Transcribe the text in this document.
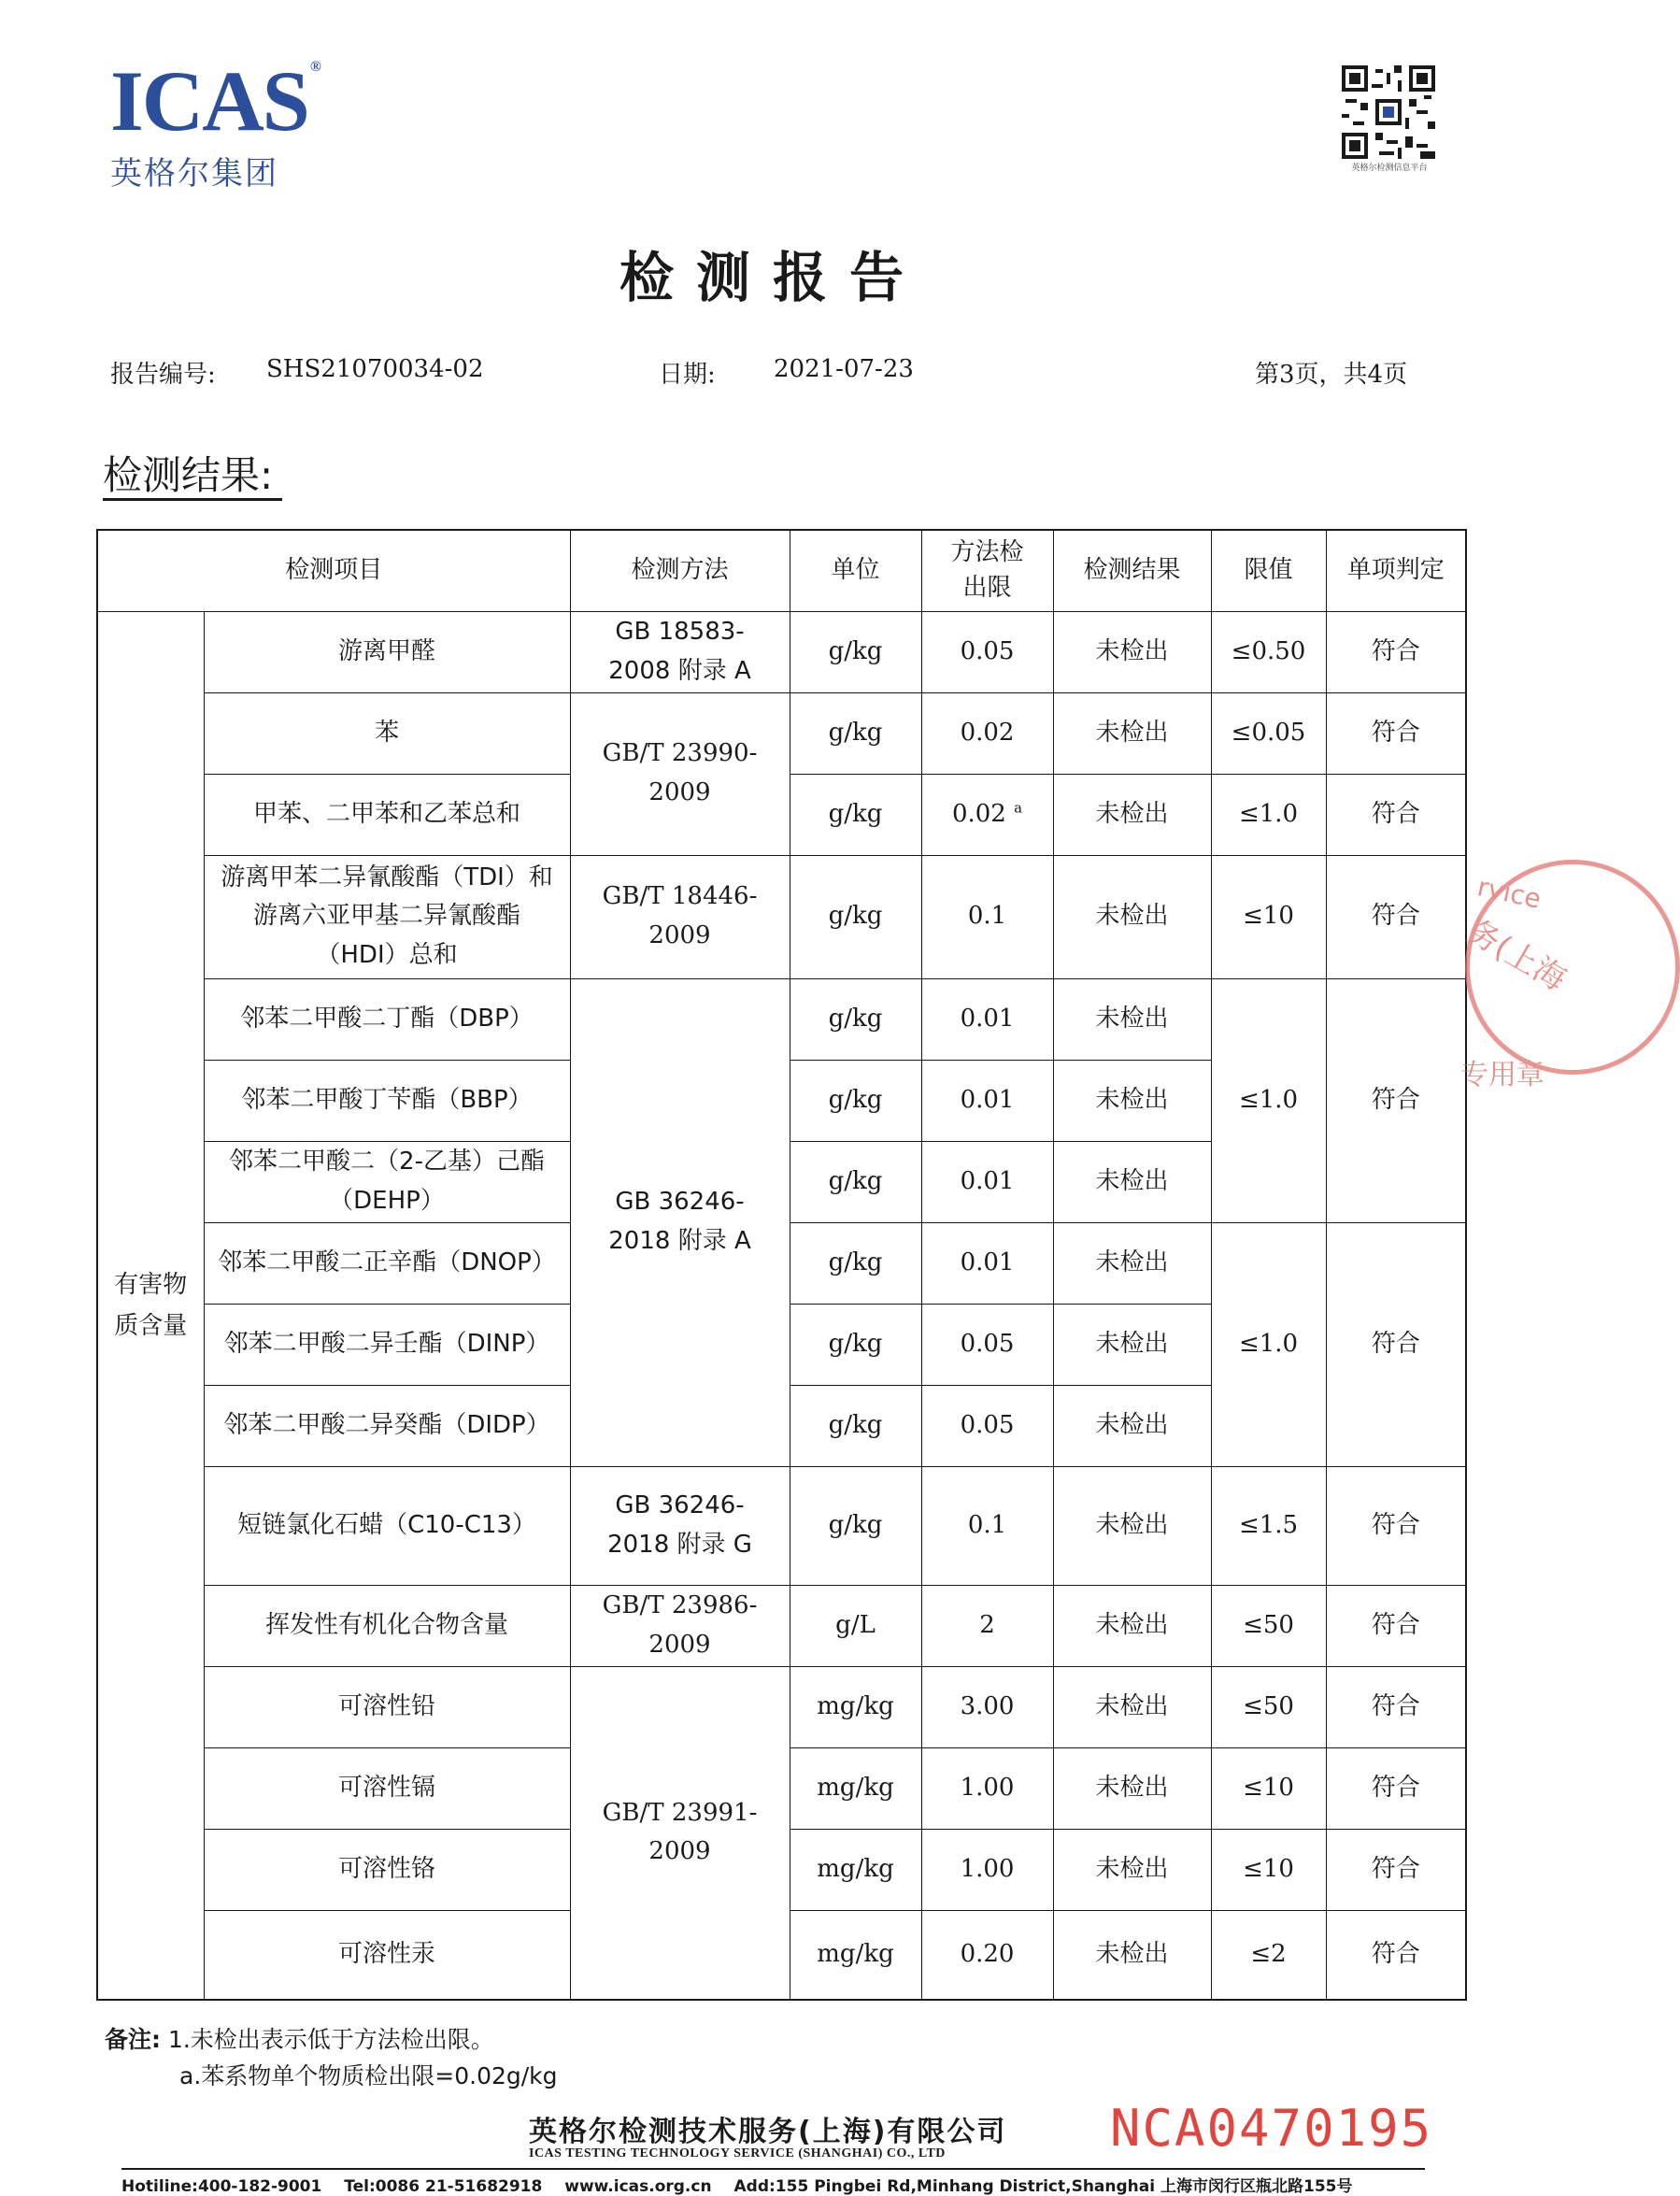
ICAS ®
英格尔集团	英格尔检测信息平台
检测报告
报告编号: SHS21070034-02	日期: 2021-07-23	第3页，共4页
检测结果:
检测项目		检测方法	单位	方法检出限	检测结果	限值	单项判定
有害物质含量	游离甲醛	GB 18583-2008 附录 A	g/kg	0.05	未检出	≤0.50	符合
	苯	GB/T 23990-2009	g/kg	0.02	未检出	≤0.05	符合
	甲苯、二甲苯和乙苯总和		g/kg	0.02 $^a$	未检出	≤1.0	符合
	游离甲苯二异氰酸酯（TDI）和游离六亚甲基二异氰酸酯（HDI）总和	GB/T 18446-2009	g/kg	0.1	未检出	≤10	符合
	邻苯二甲酸二丁酯（DBP）	GB 36246-2018 附录 A	g/kg	0.01	未检出	≤1.0	符合
	邻苯二甲酸丁苄酯（BBP）		g/kg	0.01	未检出		
	邻苯二甲酸二（2-乙基）己酯（DEHP）		g/kg	0.01	未检出		
	邻苯二甲酸二正辛酯（DNOP）		g/kg	0.01	未检出	≤1.0	符合
	邻苯二甲酸二异壬酯（DINP）		g/kg	0.05	未检出		
	邻苯二甲酸二异癸酯（DIDP）		g/kg	0.05	未检出		
	短链氯化石蜡（C10-C13）	GB 36246-2018 附录 G	g/kg	0.1	未检出	≤1.5	符合
	挥发性有机化合物含量	GB/T 23986-2009	g/L	2	未检出	≤50	符合
	可溶性铅	GB/T 23991-2009	mg/kg	3.00	未检出	≤50	符合
	可溶性镉		mg/kg	1.00	未检出	≤10	符合
	可溶性铬		mg/kg	1.00	未检出	≤10	符合
	可溶性汞		mg/kg	0.20	未检出	≤2	符合
备注: 1.未检出表示低于方法检出限。
a.苯系物单个物质检出限=0.02g/kg
rvice
务(上海
专用章
英格尔检测技术服务(上海)有限公司
ICAS TESTING TECHNOLOGY SERVICE (SHANGHAI) CO., LTD	NCA0470195
Hotiline:400-182-9001 Tel:0086 21-51682918 www.icas.org.cn Add:155 Pingbei Rd,Minhang District,Shanghai 上海市闵行区瓶北路155号
